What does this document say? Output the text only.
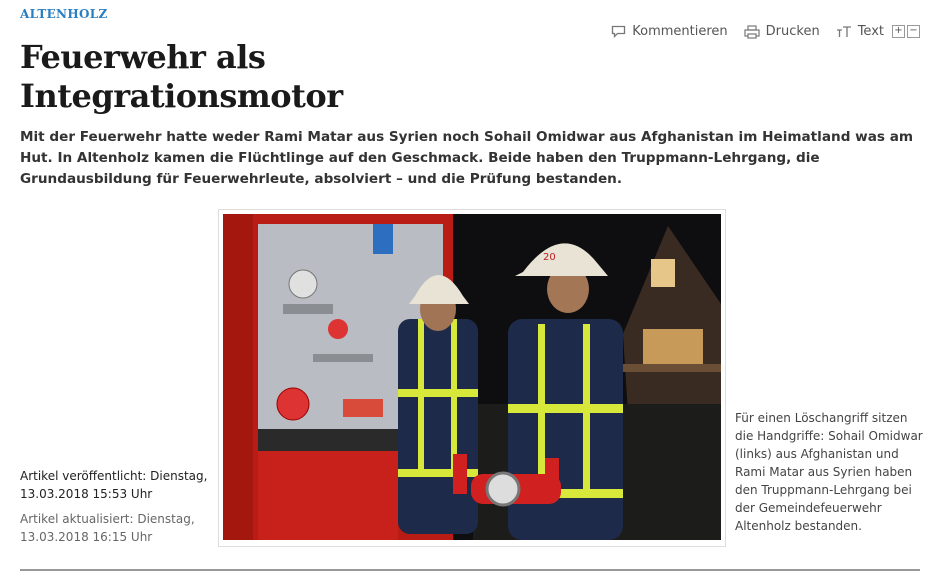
ALTENHOLZ
Kommentieren	Drucken	Text + −
Feuerwehr als Integrationsmotor

Mit der Feuerwehr hatte weder Rami Matar aus Syrien noch Sohail Omidwar aus Afghanistan im Heimatland was am Hut. In Altenholz kamen die Flüchtlinge auf den Geschmack. Beide haben den Truppmann-Lehrgang, die Grundausbildung für Feuerwehrleute, absolviert – und die Prüfung bestanden.

20

Für einen Löschangriff sitzen die Handgriffe: Sohail Omidwar (links) aus Afghanistan und Rami Matar aus Syrien haben den Truppmann-Lehrgang bei der Gemeindefeuerwehr Altenholz bestanden.

Artikel veröffentlicht: Dienstag, 13.03.2018 15:53 Uhr
Artikel aktualisiert: Dienstag, 13.03.2018 16:15 Uhr
